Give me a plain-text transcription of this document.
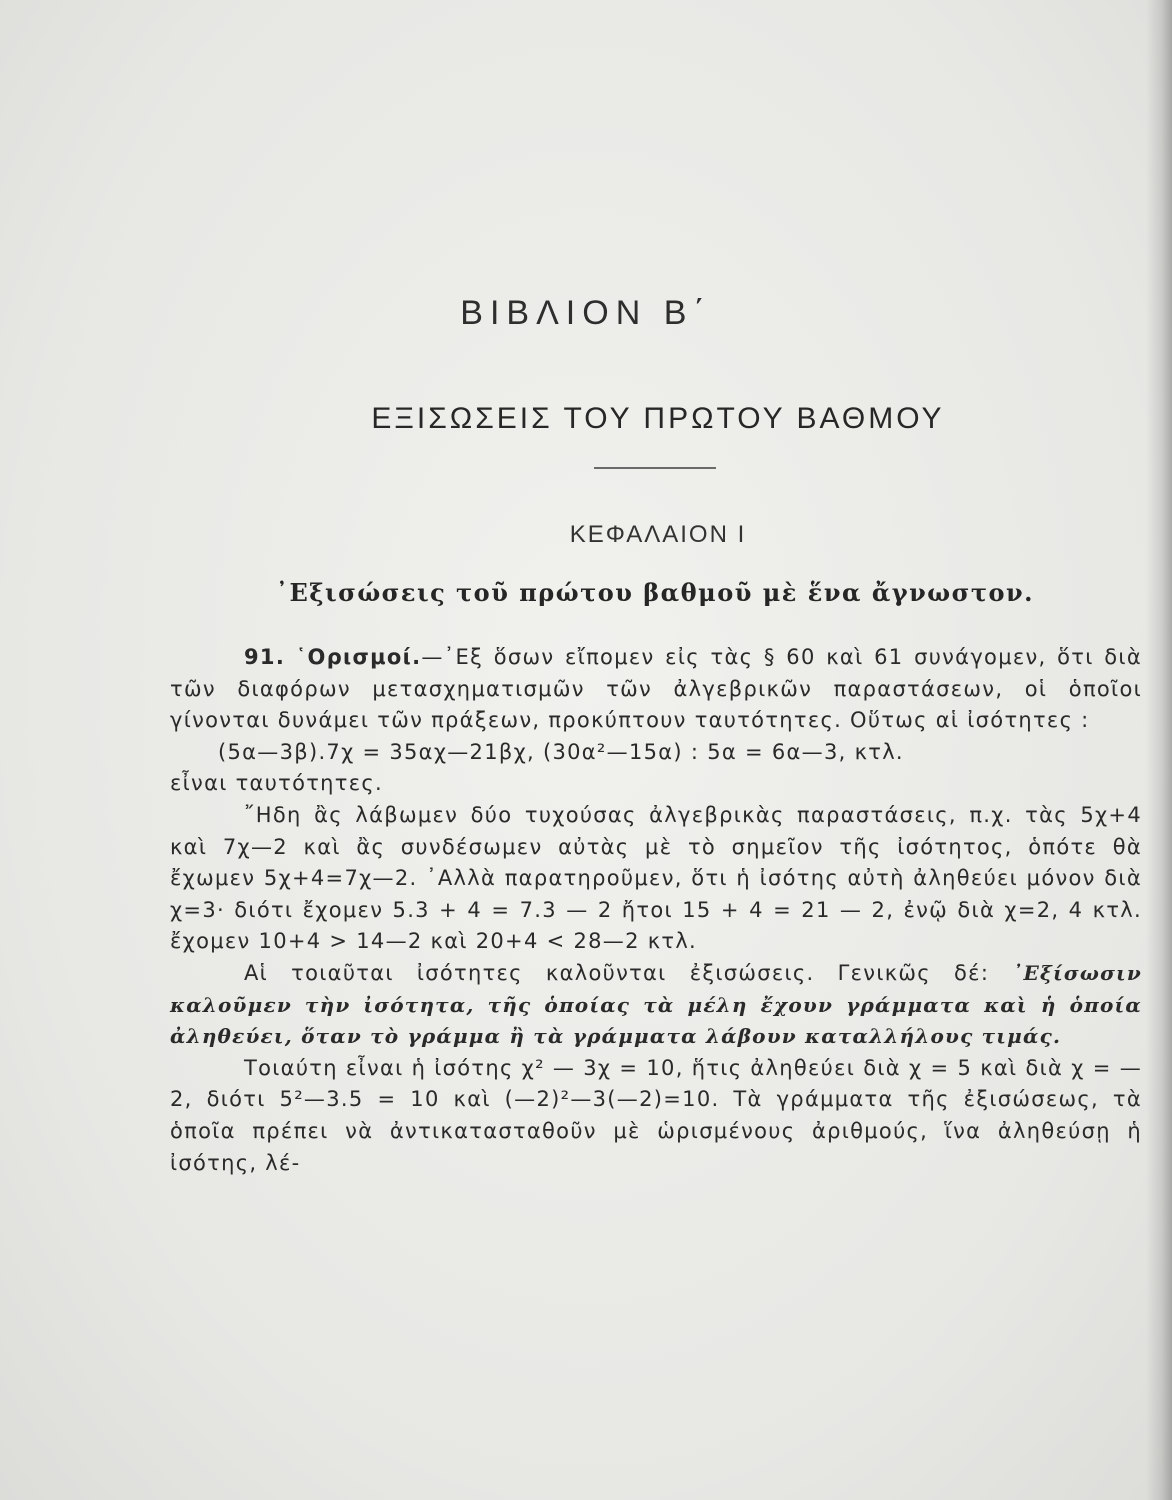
ΒΙΒΛΙΟΝ Β΄
ΕΞΙΣΩΣΕΙΣ ΤΟΥ ΠΡΩΤΟΥ ΒΑΘΜΟΥ
ΚΕΦΑΛΑΙΟΝ Ι
᾿Εξισώσεις τοῦ πρώτου βαθμοῦ μὲ ἕνα ἄγνωστον.

91. ῾Ορισμοί.—᾿Εξ ὅσων εἴπομεν εἰς τὰς § 60 καὶ 61 συνάγομεν, ὅτι διὰ τῶν διαφόρων μετασχηματισμῶν τῶν ἀλγεβρικῶν παραστάσεων, οἱ ὁποῖοι γίνονται δυνάμει τῶν πράξεων, προκύπτουν ταυτότητες. Οὕτως αἱ ἰσότητες :

(5α—3β).7χ = 35αχ—21βχ, (30α²—15α) : 5α = 6α—3, κτλ.

εἶναι ταυτότητες.

῎Ηδη ἂς λάβωμεν δύο τυχούσας ἀλγεβρικὰς παραστάσεις, π.χ. τὰς 5χ+4 καὶ 7χ—2 καὶ ἂς συνδέσωμεν αὐτὰς μὲ τὸ σημεῖον τῆς ἰσότητος, ὁπότε θὰ ἔχωμεν 5χ+4=7χ—2. ᾿Αλλὰ παρατηροῦμεν, ὅτι ἡ ἰσότης αὐτὴ ἀληθεύει μόνον διὰ χ=3· διότι ἔχομεν 5.3 + 4 = 7.3 — 2 ἤτοι 15 + 4 = 21 — 2, ἐνῷ διὰ χ=2, 4 κτλ. ἔχομεν 10+4 > 14—2 καὶ 20+4 < 28—2 κτλ.

Αἱ τοιαῦται ἰσότητες καλοῦνται ἐξισώσεις. Γενικῶς δέ: ᾿Εξίσωσιν καλοῦμεν τὴν ἰσότητα, τῆς ὁποίας τὰ μέλη ἔχουν γράμματα καὶ ἡ ὁποία ἀληθεύει, ὅταν τὸ γράμμα ἢ τὰ γράμματα λάβουν καταλλήλους τιμάς.

Τοιαύτη εἶναι ἡ ἰσότης χ² — 3χ = 10, ἥτις ἀληθεύει διὰ χ = 5 καὶ διὰ χ = —2, διότι 5²—3.5 = 10 καὶ (—2)²—3(—2)=10. Τὰ γράμματα τῆς ἐξισώσεως, τὰ ὁποῖα πρέπει νὰ ἀντικατασταθοῦν μὲ ὡρισμένους ἀριθμούς, ἵνα ἀληθεύσῃ ἡ ἰσότης, λέ-
